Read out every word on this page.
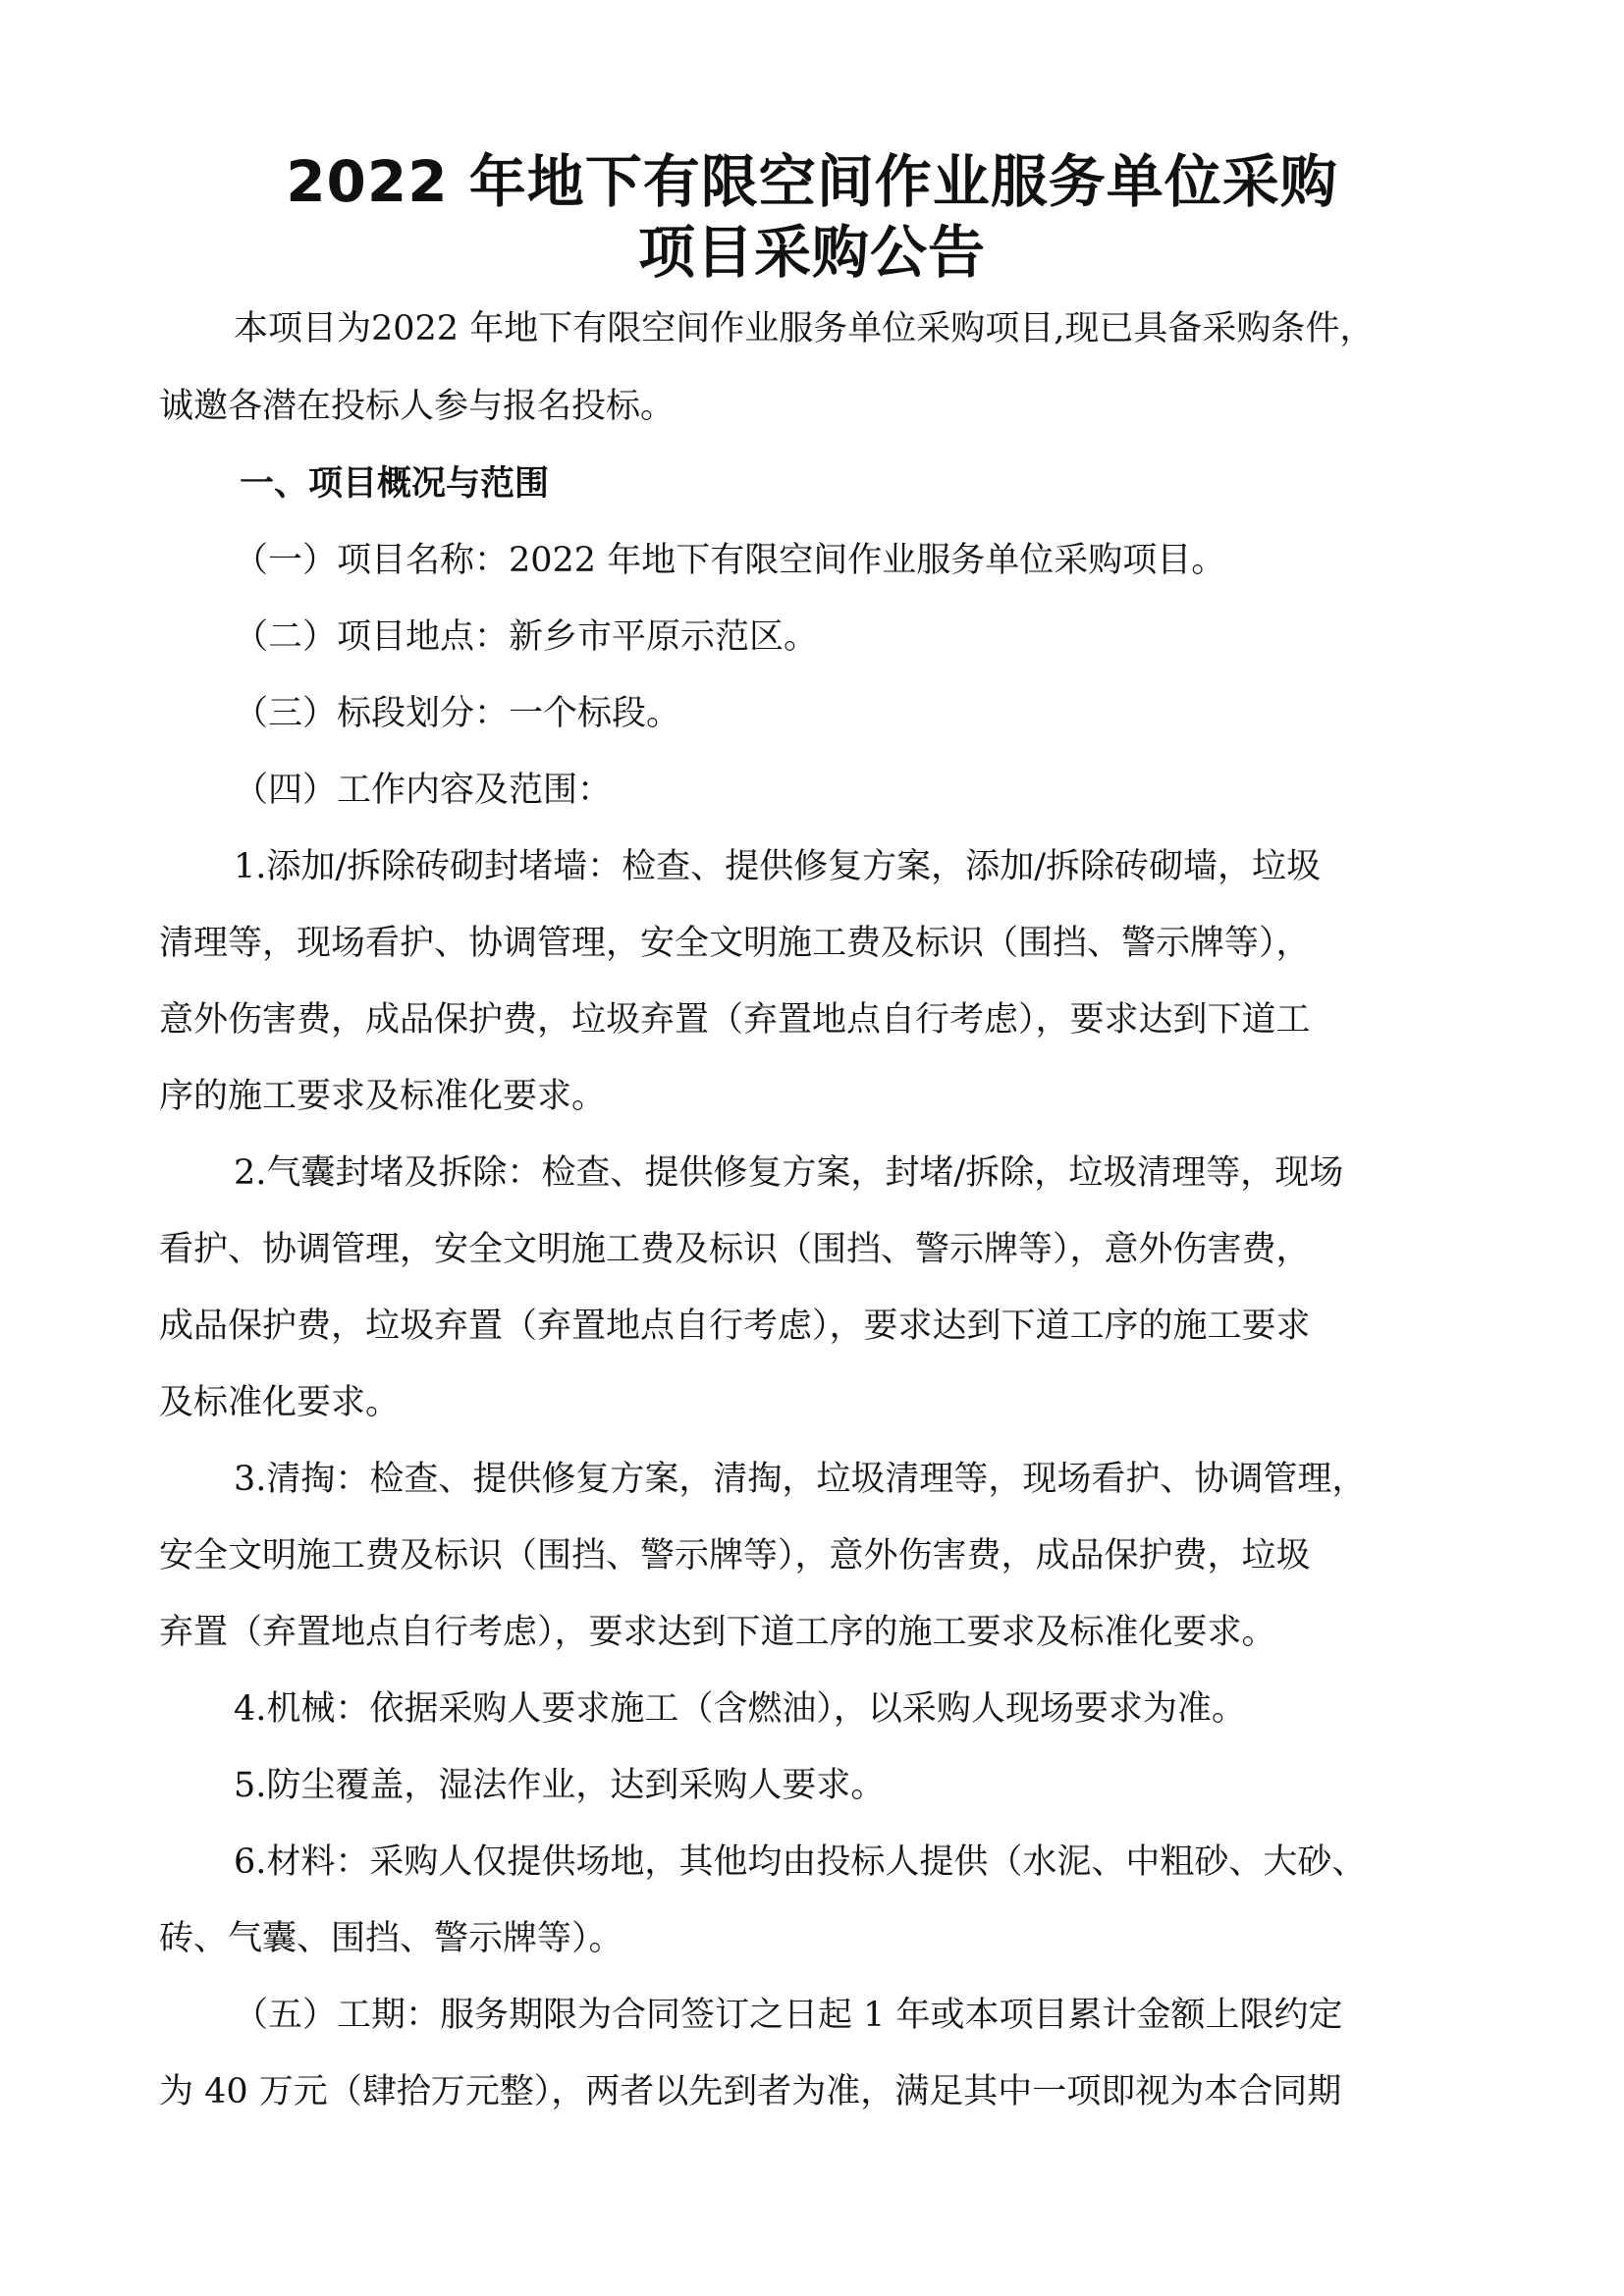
2022 年地下有限空间作业服务单位采购
项目采购公告
本项目为2022 年地下有限空间作业服务单位采购项目,现已具备采购条件，
诚邀各潜在投标人参与报名投标。
一、项目概况与范围
（一）项目名称：2022 年地下有限空间作业服务单位采购项目。
（二）项目地点：新乡市平原示范区。
（三）标段划分：一个标段。
（四）工作内容及范围：
1.添加/拆除砖砌封堵墙：检查、提供修复方案，添加/拆除砖砌墙，垃圾
清理等，现场看护、协调管理，安全文明施工费及标识（围挡、警示牌等），
意外伤害费，成品保护费，垃圾弃置（弃置地点自行考虑），要求达到下道工
序的施工要求及标准化要求。
2.气囊封堵及拆除：检查、提供修复方案，封堵/拆除，垃圾清理等，现场
看护、协调管理，安全文明施工费及标识（围挡、警示牌等），意外伤害费，
成品保护费，垃圾弃置（弃置地点自行考虑），要求达到下道工序的施工要求
及标准化要求。
3.清掏：检查、提供修复方案，清掏，垃圾清理等，现场看护、协调管理，
安全文明施工费及标识（围挡、警示牌等），意外伤害费，成品保护费，垃圾
弃置（弃置地点自行考虑），要求达到下道工序的施工要求及标准化要求。
4.机械：依据采购人要求施工（含燃油），以采购人现场要求为准。
5.防尘覆盖，湿法作业，达到采购人要求。
6.材料：采购人仅提供场地，其他均由投标人提供（水泥、中粗砂、大砂、
砖、气囊、围挡、警示牌等）。
（五）工期：服务期限为合同签订之日起 1 年或本项目累计金额上限约定
为 40 万元（肆拾万元整），两者以先到者为准，满足其中一项即视为本合同期
